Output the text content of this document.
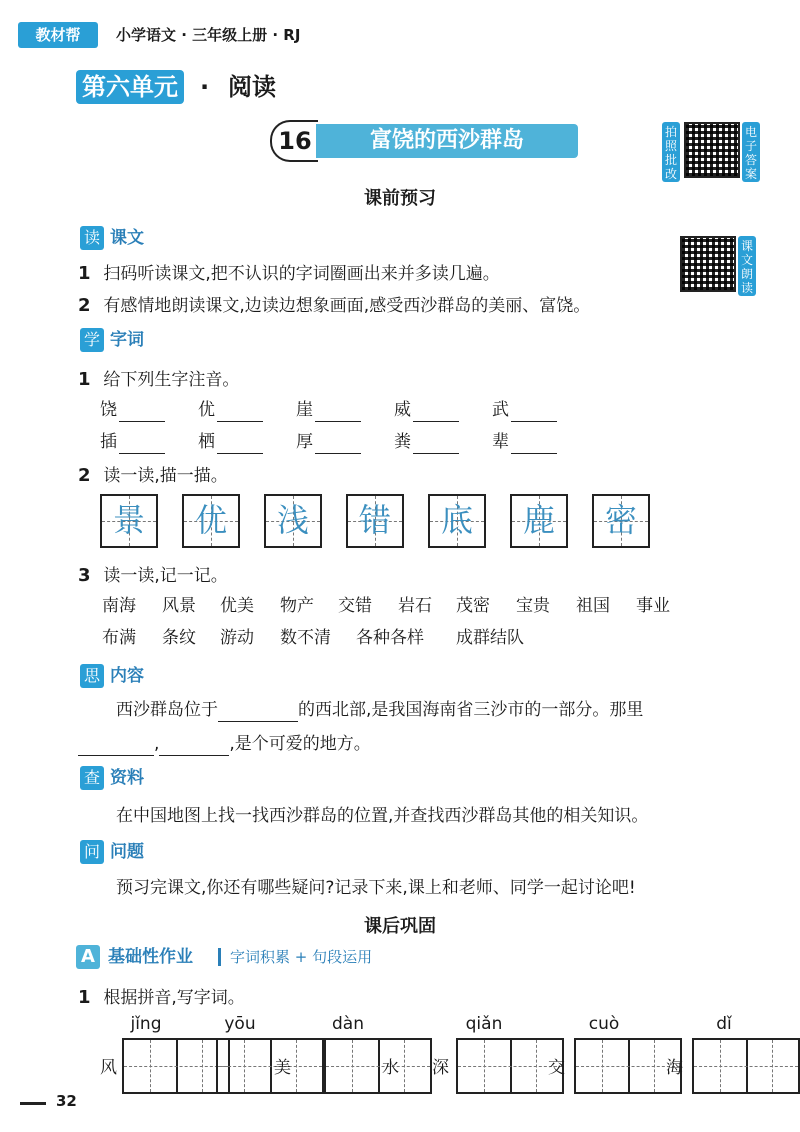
教材帮	小学语文 · 三年级上册 · RJ
第六单元 · 阅读
16	富饶的西沙群岛	拍照批改
电子答案
课前预习
课文朗读
读 课文
1 扫码听读课文,把不认识的字词圈画出来并多读几遍。
2 有感情地朗读课文,边读边想象画面,感受西沙群岛的美丽、富饶。
学 字词
1 给下列生字注音。
饶	优	崖	威	武
插	栖	厚	粪	辈
2 读一读,描一描。
景	优	浅	错	底	鹿	密
3 读一读,记一记。
南海 风景 优美 物产 交错 岩石 茂密 宝贵 祖国 事业
布满 条纹 游动 数不清 各种各样 成群结队
思 内容
西沙群岛位于	的西北部,是我国海南省三沙市的一部分。那里
,	,是个可爱的地方。
查 资料
在中国地图上找一找西沙群岛的位置,并查找西沙群岛其他的相关知识。
问 问题
预习完课文,你还有哪些疑问?记录下来,课上和老师、同学一起讨论吧!
课后巩固
A 基础性作业 字词积累 + 句段运用
1 根据拼音,写字词。
jǐng
风
yōu
美
dàn
水
qiǎn
深
cuò
交
dǐ
海
32
